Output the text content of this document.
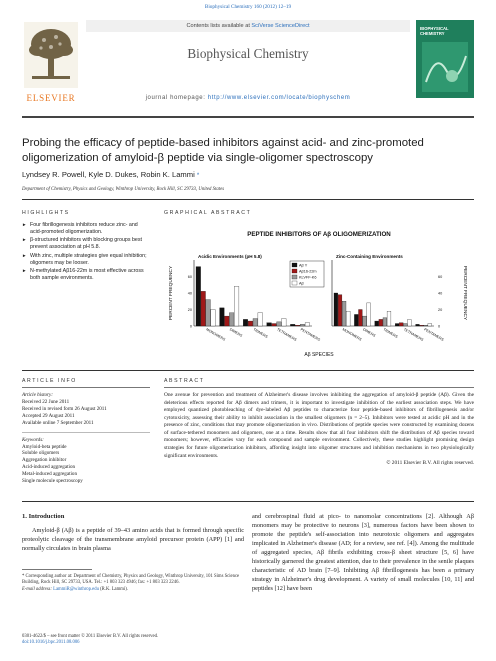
Biophysical Chemistry 160 (2012) 12–19
ELSEVIER
Contents lists available at SciVerse ScienceDirect
Biophysical Chemistry
journal homepage: http://www.elsevier.com/locate/biophyschem
BIOPHYSICAL CHEMISTRY
Probing the efficacy of peptide-based inhibitors against acid- and zinc-promoted oligomerization of amyloid-β peptide via single-oligomer spectroscopy
Lyndsey R. Powell, Kyle D. Dukes, Robin K. Lammi *
Department of Chemistry, Physics and Geology, Winthrop University, Rock Hill, SC 29733, United States
HIGHLIGHTS
► Four fibrillogenesis inhibitors reduce zinc- and acid-promoted oligomerization.
► β-structured inhibitors with blocking groups best prevent association at pH 5.8.
► With zinc, multiple strategies give equal inhibition; oligomers may be looser.
► N-methylated Aβ16-22m is most effective across both sample environments.
GRAPHICAL ABSTRACT
PEPTIDE INHIBITORS OF Aβ OLIGOMERIZATION
PERCENT FREQUENCY	PERCENT FREQUENCY
Aβ SPECIES
Acidic Environments (pH 5.8)
0
20
40
60
MONOMERS DIMERS	TRIMERS TETRAMERS PENTAMERS
Zinc-Containing Environments
0
20
40
60
MONOMERS DIMERS TRIMERS TETRAMERS PENTAMERS
Aβ Y
Aβ16-22m
KLVFF-K6
Aβ
ARTICLE INFO
Article history:
Received 22 June 2011
Received in revised form 26 August 2011
Accepted 29 August 2011
Available online 7 September 2011
Keywords:
Amyloid-beta peptide
Soluble oligomers
Aggregation inhibitor
Acid-induced aggregation
Metal-induced aggregation
Single molecule spectroscopy
ABSTRACT

One avenue for prevention and treatment of Alzheimer's disease involves inhibiting the aggregation of amyloid-β peptide (Aβ). Given the deleterious effects reported for Aβ dimers and trimers, it is important to investigate inhibition of the earliest association steps. We have employed quantized photobleaching of dye-labeled Aβ peptides to characterize four peptide-based inhibitors of fibrillogenesis and/or cytotoxicity, assessing their ability to inhibit association in the smallest oligomers (n = 2–5). Inhibitors were tested at acidic pH and in the presence of zinc, conditions that may promote oligomerization in vivo. Distributions of peptide species were constructed by examining dozens of surface-tethered monomers and oligomers, one at a time. Results show that all four inhibitors shift the distribution of Aβ species toward monomers; however, efficacies vary for each compound and sample environment. Collectively, these studies highlight promising design strategies for future oligomerization inhibitors, affording insight into oligomer structures and inhibition mechanisms in two physiologically significant environments.

© 2011 Elsevier B.V. All rights reserved.

1. Introduction
Amyloid-β (Aβ) is a peptide of 39–43 amino acids that is formed through specific proteolytic cleavage of the transmembrane amyloid precursor protein (APP) [1] and normally circulates in brain plasma
and cerebrospinal fluid at pico- to nanomolar concentrations [2]. Although Aβ monomers may be protective to neurons [3], numerous factors have been shown to promote the peptide's self-association into neurotoxic oligomers and aggregates implicated in Alzheimer's disease (AD; for a review, see ref. [4]). Among the multitude of aggregated species, Aβ fibrils exhibiting cross-β sheet structure [5, 6] have historically garnered the greatest attention, due to their prevalence in the senile plaques characteristic of AD brain [7–9]. Inhibiting Aβ fibrillogenesis has been a primary strategy in Alzheimer's drug development. A variety of small molecules [10, 11] and peptides [12] have been
* Corresponding author at: Department of Chemistry, Physics and Geology, Winthrop University, 101 Sims Science Building, Rock Hill, SC 29733, USA. Tel.: +1 803 323 4946; fax: +1 803 323 2246.
E-mail address: LammiR@winthrop.edu (R.K. Lammi).
0301-4622/$ – see front matter © 2011 Elsevier B.V. All rights reserved.
doi:10.1016/j.bpc.2011.08.006
